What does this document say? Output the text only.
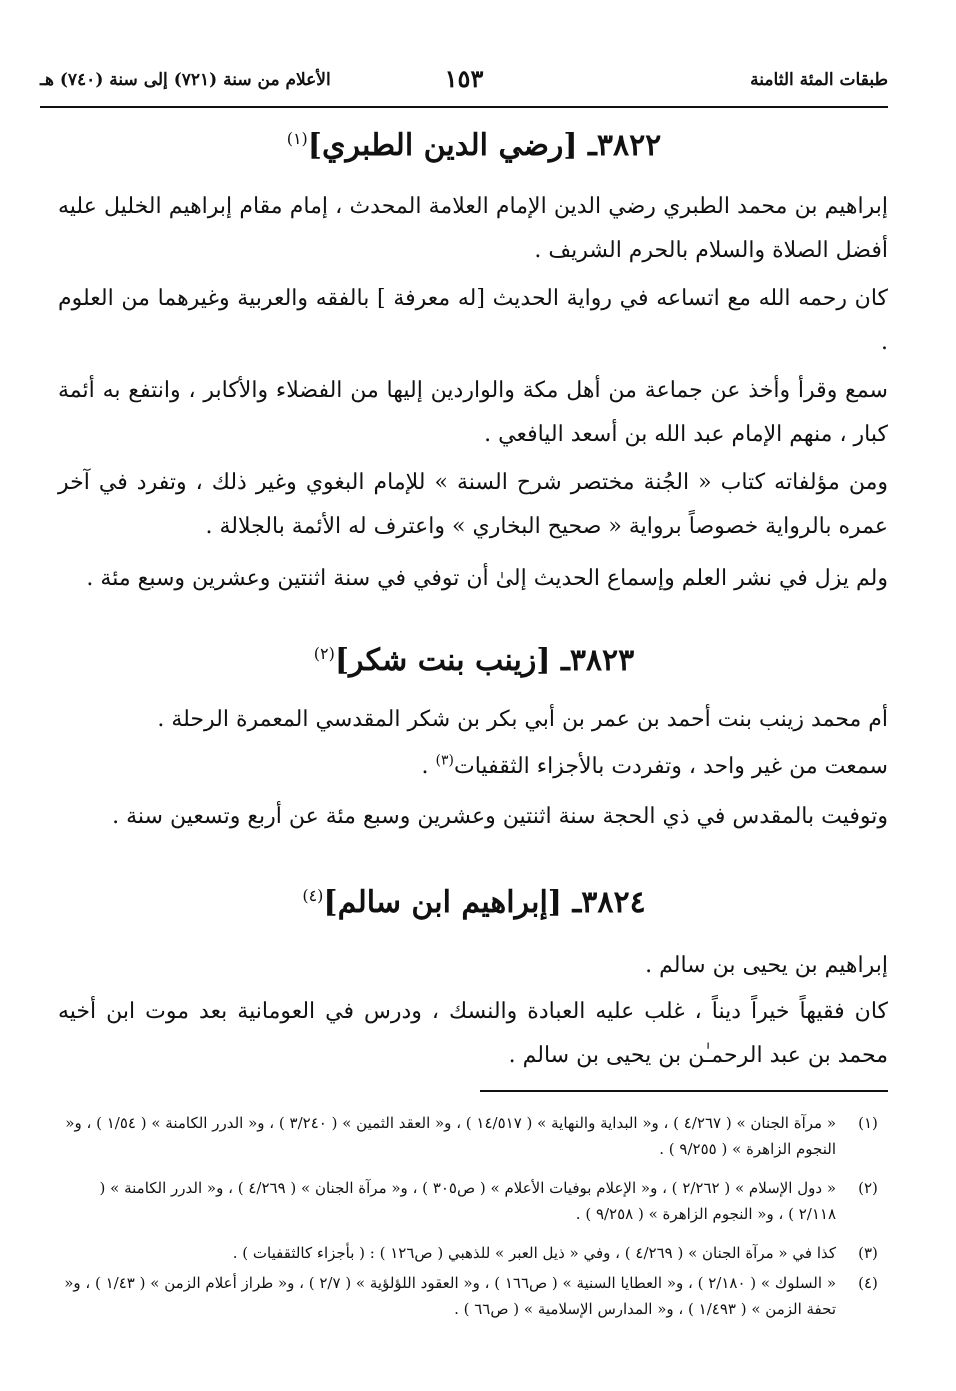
طبقات المئة الثامنة
١٥٣
الأعلام من سنة (٧٢١) إلى سنة (٧٤٠) هـ
٣٨٢٢ـ [رضي الدين الطبري]$^{(١)}$
إبراهيم بن محمد الطبري رضي الدين الإمام العلامة المحدث ، إمام مقام إبراهيم الخليل عليه أفضل الصلاة والسلام بالحرم الشريف .
كان رحمه الله مع اتساعه في رواية الحديث [له معرفة ] بالفقه والعربية وغيرهما من العلوم .
سمع وقرأ وأخذ عن جماعة من أهل مكة والواردين إليها من الفضلاء والأكابر ، وانتفع به أئمة كبار ، منهم الإمام عبد الله بن أسعد اليافعي .
ومن مؤلفاته كتاب « الجُنة مختصر شرح السنة » للإمام البغوي وغير ذلك ، وتفرد في آخر عمره بالرواية خصوصاً برواية « صحيح البخاري » واعترف له الأئمة بالجلالة .
ولم يزل في نشر العلم وإسماع الحديث إلىٰ أن توفي في سنة اثنتين وعشرين وسبع مئة .
٣٨٢٣ـ [زينب بنت شكر]$^{(٢)}$
أم محمد زينب بنت أحمد بن عمر بن أبي بكر بن شكر المقدسي المعمرة الرحلة .
سمعت من غير واحد ، وتفردت بالأجزاء الثقفيات$^{(٣)}$ .
وتوفيت بالمقدس في ذي الحجة سنة اثنتين وعشرين وسبع مئة عن أربع وتسعين سنة .
٣٨٢٤ـ [إبراهيم ابن سالم]$^{(٤)}$
إبراهيم بن يحيى بن سالم .
كان فقيهاً خيراً ديناً ، غلب عليه العبادة والنسك ، ودرس في العومانية بعد موت ابن أخيه محمد بن عبد الرحمـٰن بن يحيى بن سالم .
(١)
« مرآة الجنان » ( ٤/٢٦٧ ) ، و« البداية والنهاية » ( ١٤/٥١٧ ) ، و« العقد الثمين » ( ٣/٢٤٠ ) ، و« الدرر الكامنة » ( ١/٥٤ ) ، و« النجوم الزاهرة » ( ٩/٢٥٥ ) .
(٢)
« دول الإسلام » ( ٢/٢٦٢ ) ، و« الإعلام بوفيات الأعلام » ( ص٣٠٥ ) ، و« مرآة الجنان » ( ٤/٢٦٩ ) ، و« الدرر الكامنة » ( ٢/١١٨ ) ، و« النجوم الزاهرة » ( ٩/٢٥٨ ) .
(٣)
كذا في « مرآة الجنان » ( ٤/٢٦٩ ) ، وفي « ذيل العبر » للذهبي ( ص١٢٦ ) : ( بأجزاء كالثقفيات ) .
(٤)
« السلوك » ( ٢/١٨٠ ) ، و« العطايا السنية » ( ص١٦٦ ) ، و« العقود اللؤلؤية » ( ٢/٧ ) ، و« طراز أعلام الزمن » ( ١/٤٣ ) ، و« تحفة الزمن » ( ١/٤٩٣ ) ، و« المدارس الإسلامية » ( ص٦٦ ) .
